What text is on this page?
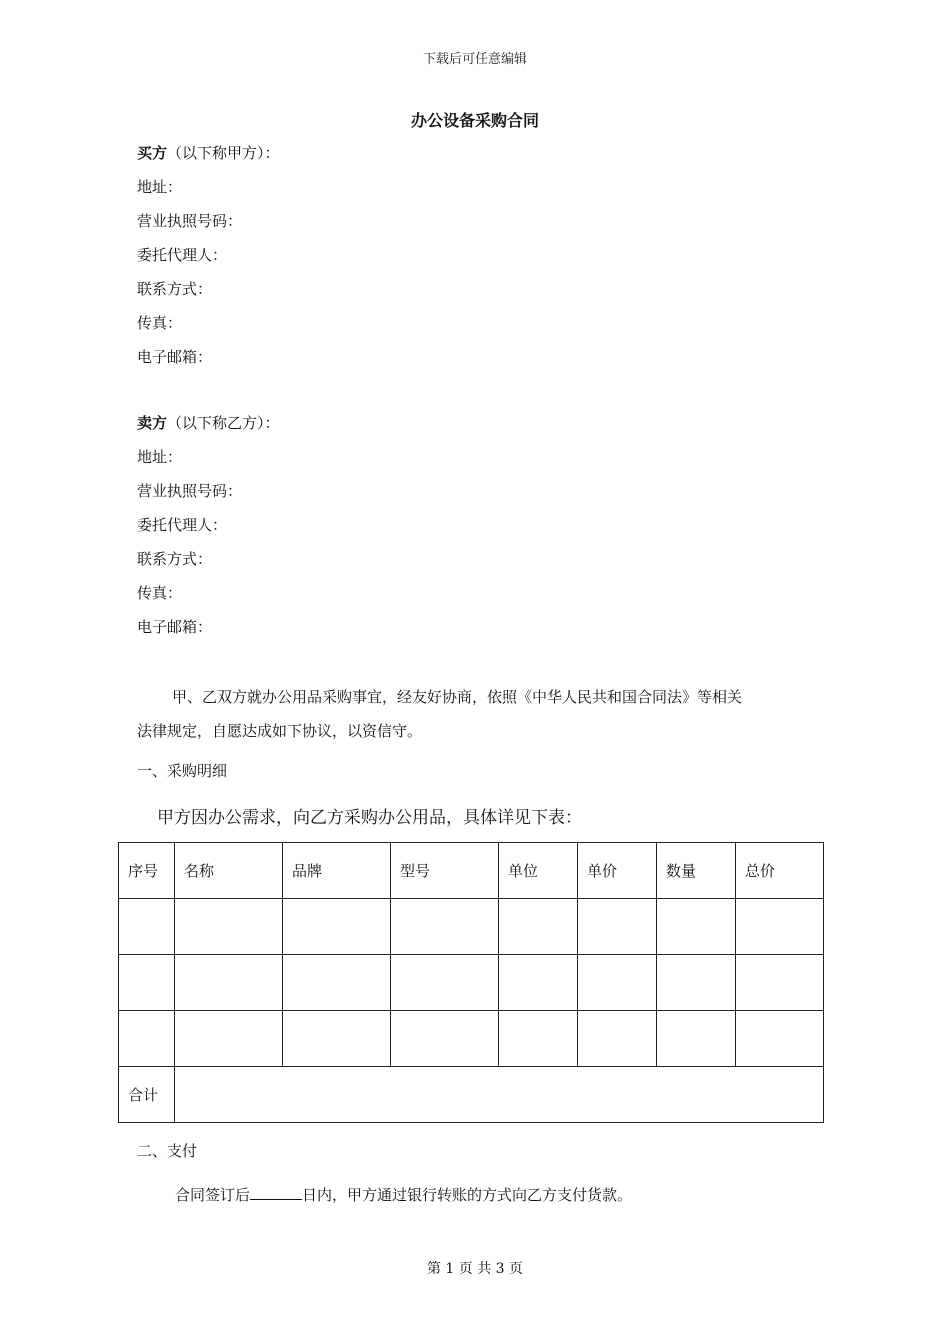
下载后可任意编辑
办公设备采购合同
买方（以下称甲方）：
地址：
营业执照号码：
委托代理人：
联系方式：
传真：
电子邮箱：
卖方（以下称乙方）：
地址：
营业执照号码：
委托代理人：
联系方式：
传真：
电子邮箱：
甲、乙双方就办公用品采购事宜，经友好协商，依照《中华人民共和国合同法》等相关
法律规定，自愿达成如下协议，以资信守。
一、采购明细
甲方因办公需求，向乙方采购办公用品，具体详见下表：
序号	名称	品牌	型号	单位	单价	数量	总价

合计							
二、支付
合同签订后	日内，甲方通过银行转账的方式向乙方支付货款。
第 1 页 共 3 页
